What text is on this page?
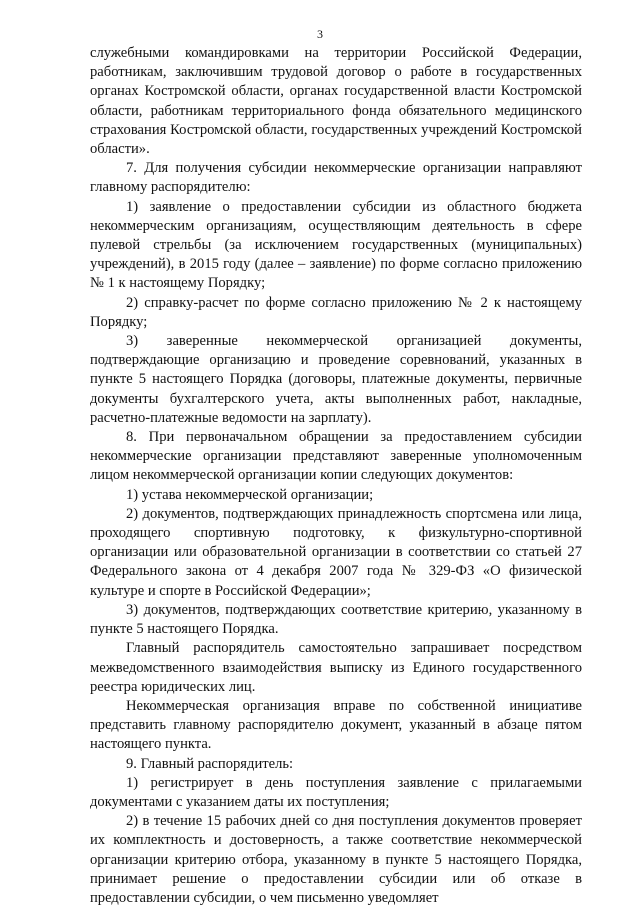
3

служебными командировками на территории Российской Федерации, работникам, заключившим трудовой договор о работе в государственных органах Костромской области, органах государственной власти Костромской области, работникам территориального фонда обязательного медицинского страхования Костромской области, государственных учреждений Костромской области».

7. Для получения субсидии некоммерческие организации направляют главному распорядителю:

1) заявление о предоставлении субсидии из областного бюджета некоммерческим организациям, осуществляющим деятельность в сфере пулевой стрельбы (за исключением государственных (муниципальных) учреждений), в 2015 году (далее – заявление) по форме согласно приложению № 1 к настоящему Порядку;

2) справку-расчет по форме согласно приложению № 2 к настоящему Порядку;

3) заверенные некоммерческой организацией документы, подтверждающие организацию и проведение соревнований, указанных в пункте 5 настоящего Порядка (договоры, платежные документы, первичные документы бухгалтерского учета, акты выполненных работ, накладные, расчетно-платежные ведомости на зарплату).

8. При первоначальном обращении за предоставлением субсидии некоммерческие организации представляют заверенные уполномоченным лицом некоммерческой организации копии следующих документов:

1) устава некоммерческой организации;

2) документов, подтверждающих принадлежность спортсмена или лица, проходящего спортивную подготовку, к физкультурно-спортивной организации или образовательной организации в соответствии со статьей 27 Федерального закона от 4 декабря 2007 года № 329-ФЗ «О физической культуре и спорте в Российской Федерации»;

3) документов, подтверждающих соответствие критерию, указанному в пункте 5 настоящего Порядка.

Главный распорядитель самостоятельно запрашивает посредством межведомственного взаимодействия выписку из Единого государственного реестра юридических лиц.

Некоммерческая организация вправе по собственной инициативе представить главному распорядителю документ, указанный в абзаце пятом настоящего пункта.

9. Главный распорядитель:

1) регистрирует в день поступления заявление с прилагаемыми документами с указанием даты их поступления;

2) в течение 15 рабочих дней со дня поступления документов проверяет их комплектность и достоверность, а также соответствие некоммерческой организации критерию отбора, указанному в пункте 5 настоящего Порядка, принимает решение о предоставлении субсидии или об отказе в предоставлении субсидии, о чем письменно уведомляет
